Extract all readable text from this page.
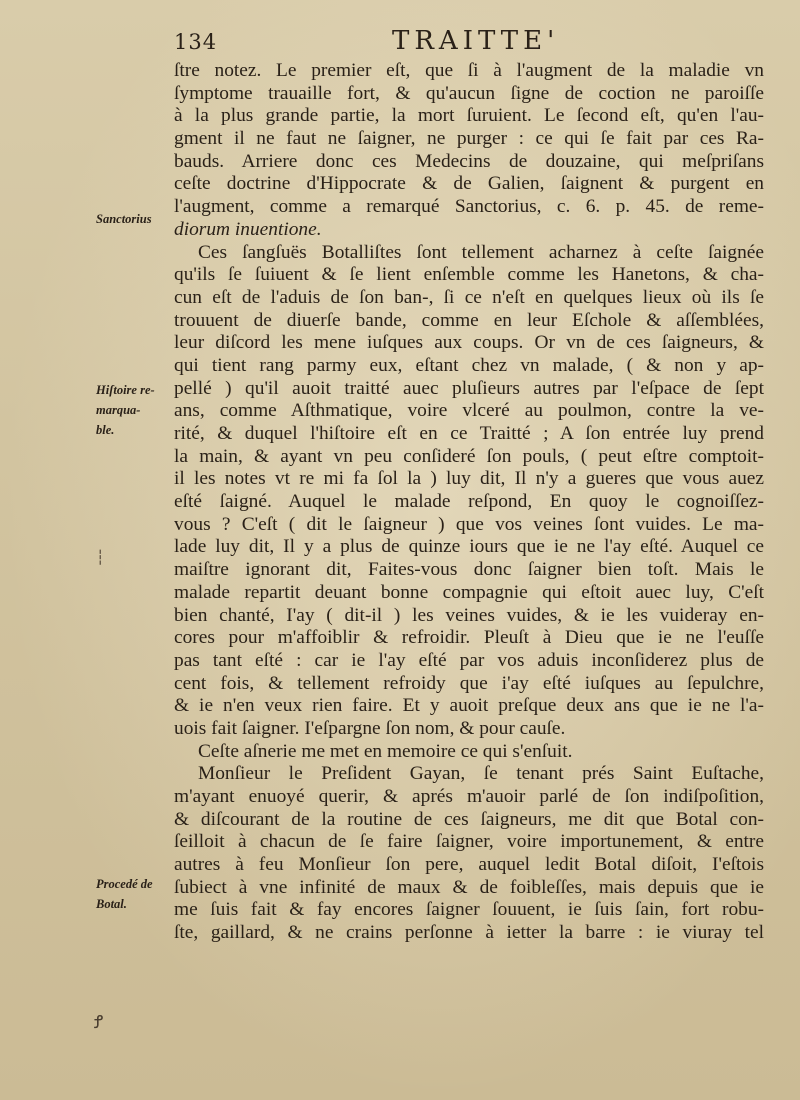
134	TRAITTE'
ſtre notez. Le premier eſt, que ſi à l'augment de la maladie vn
ſymptome trauaille fort, & qu'aucun ſigne de coction ne paroiſſe
à la plus grande partie, la mort ſuruient. Le ſecond eſt, qu'en l'au-
gment il ne faut ne ſaigner, ne purger : ce qui ſe fait par ces Ra-
bauds. Arriere donc ces Medecins de douzaine, qui meſpriſans
ceſte doctrine d'Hippocrate & de Galien, ſaignent & purgent en
l'augment, comme a remarqué Sanctorius, c. 6. p. 45. de reme-
diorum inuentione.
Ces ſangſuës Botalliſtes ſont tellement acharnez à ceſte ſaignée
qu'ils ſe ſuiuent & ſe lient enſemble comme les Hanetons, & cha-
cun eſt de l'aduis de ſon ban-, ſi ce n'eſt en quelques lieux où ils ſe
trouuent de diuerſe bande, comme en leur Eſchole & aſſemblées,
leur diſcord les mene iuſques aux coups. Or vn de ces ſaigneurs, &
qui tient rang parmy eux, eſtant chez vn malade, ( & non y ap-
pellé ) qu'il auoit traitté auec pluſieurs autres par l'eſpace de ſept
ans, comme Aſthmatique, voire vlceré au poulmon, contre la ve-
rité, & duquel l'hiſtoire eſt en ce Traitté ; A ſon entrée luy prend
la main, & ayant vn peu conſideré ſon pouls, ( peut eſtre comptoit-
il les notes vt re mi fa ſol la ) luy dit, Il n'y a gueres que vous auez
eſté ſaigné. Auquel le malade reſpond, En quoy le cognoiſſez-
vous ? C'eſt ( dit le ſaigneur ) que vos veines ſont vuides. Le ma-
lade luy dit, Il y a plus de quinze iours que ie ne l'ay eſté. Auquel ce
maiſtre ignorant dit, Faites-vous donc ſaigner bien toſt. Mais le
malade repartit deuant bonne compagnie qui eſtoit auec luy, C'eſt
bien chanté, I'ay ( dit-il ) les veines vuides, & ie les vuideray en-
cores pour m'affoiblir & refroidir. Pleuſt à Dieu que ie ne l'euſſe
pas tant eſté : car ie l'ay eſté par vos aduis inconſiderez plus de
cent fois, & tellement refroidy que i'ay eſté iuſques au ſepulchre,
& ie n'en veux rien faire. Et y auoit preſque deux ans que ie ne l'a-
uois fait ſaigner. I'eſpargne ſon nom, & pour cauſe.
Ceſte aſnerie me met en memoire ce qui s'enſuit.
Monſieur le Preſident Gayan, ſe tenant prés Saint Euſtache,
m'ayant enuoyé querir, & aprés m'auoir parlé de ſon indiſpoſition,
& diſcourant de la routine de ces ſaigneurs, me dit que Botal con-
ſeilloit à chacun de ſe faire ſaigner, voire importunement, & entre
autres à feu Monſieur ſon pere, auquel ledit Botal diſoit, I'eſtois
ſubiect à vne infinité de maux & de foibleſſes, mais depuis que ie
me ſuis fait & fay encores ſaigner ſouuent, ie ſuis ſain, fort robu-
ſte, gaillard, & ne crains perſonne à ietter la barre : ie viuray tel
Sanctorius
Hiſtoire re-
marqua-
ble.
Procedé de
Botal.
┆
Ꝭ
